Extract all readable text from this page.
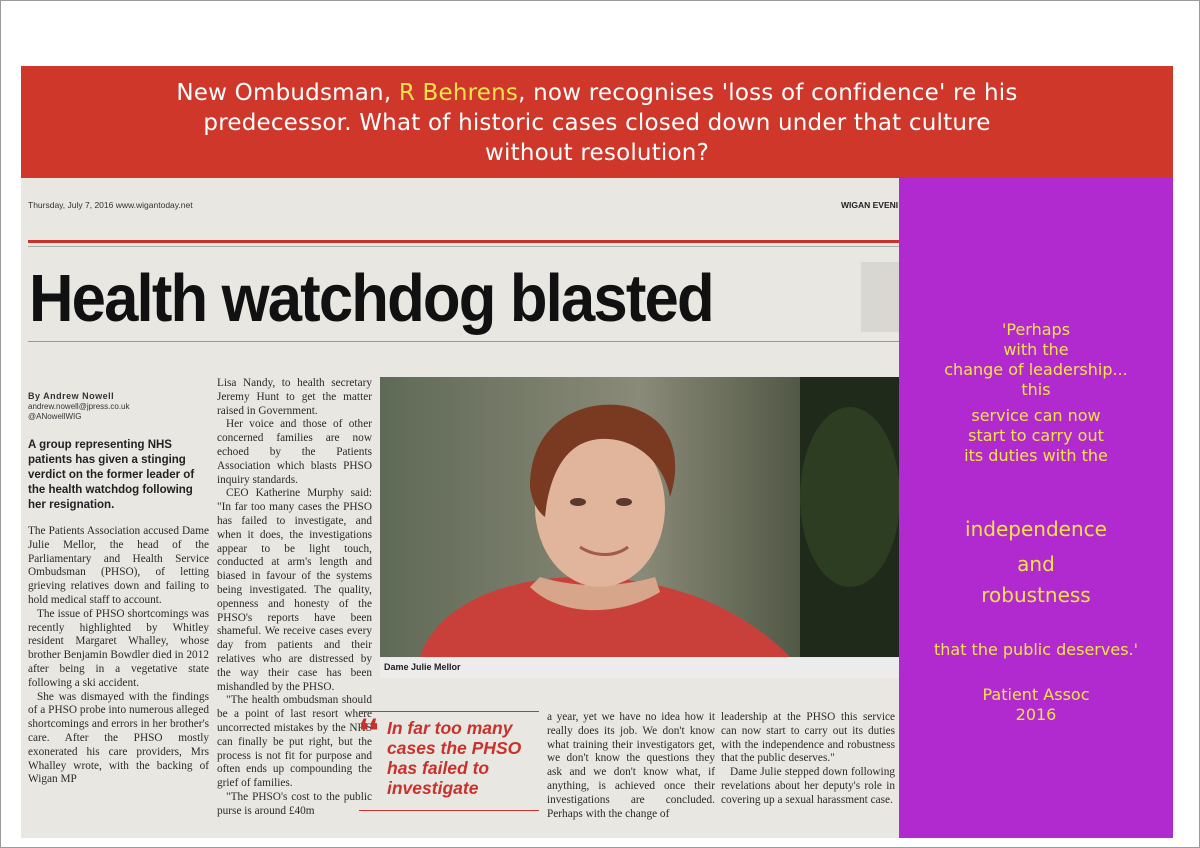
New Ombudsman, R Behrens, now recognises 'loss of confidence' re his
predecessor. What of historic cases closed down under that culture
without resolution?
Thursday, July 7, 2016 www.wigantoday.net	WIGAN EVENI
Health watchdog blasted
By Andrew Nowell
andrew.nowell@jpress.co.uk
@ANowellWIG
A group representing NHS patients has given a stinging verdict on the former leader of the health watchdog following her resignation.

The Patients Association accused Dame Julie Mellor, the head of the Parliamentary and Health Service Ombudsman (PHSO), of letting grieving relatives down and failing to hold medical staff to account.

The issue of PHSO shortcomings was recently highlighted by Whitley resident Margaret Whalley, whose brother Benjamin Bowdler died in 2012 after being in a vegetative state following a ski accident.

She was dismayed with the findings of a PHSO probe into numerous alleged shortcomings and errors in her brother's care. After the PHSO mostly exonerated his care providers, Mrs Whalley wrote, with the backing of Wigan MP

Lisa Nandy, to health secretary Jeremy Hunt to get the matter raised in Government.

Her voice and those of other concerned families are now echoed by the Patients Association which blasts PHSO inquiry standards.

CEO Katherine Murphy said: "In far too many cases the PHSO has failed to investigate, and when it does, the investigations appear to be light touch, conducted at arm's length and biased in favour of the systems being investigated. The quality, openness and honesty of the PHSO's reports have been shameful. We receive cases every day from patients and their relatives who are distressed by the way their case has been mishandled by the PHSO.

"The health ombudsman should be a point of last resort where uncorrected mistakes by the NHS can finally be put right, but the process is not fit for purpose and often ends up compounding the grief of families.

"The PHSO's cost to the public purse is around £40m

Dame Julie Mellor
❛❛ In far too many cases the PHSO has failed to investigate

a year, yet we have no idea how it really does its job. We don't know what training their investigators get, we don't know the questions they ask and we don't know what, if anything, is achieved once their investigations are concluded. Perhaps with the change of

leadership at the PHSO this service can now start to carry out its duties with the independence and robustness that the public deserves."

Dame Julie stepped down following revelations about her deputy's role in covering up a sexual harassment case.

'Perhaps
with the
change of leadership...
this
service can now
start to carry out
its duties with the
independence
and
robustness
that the public deserves.'
Patient Assoc
2016
